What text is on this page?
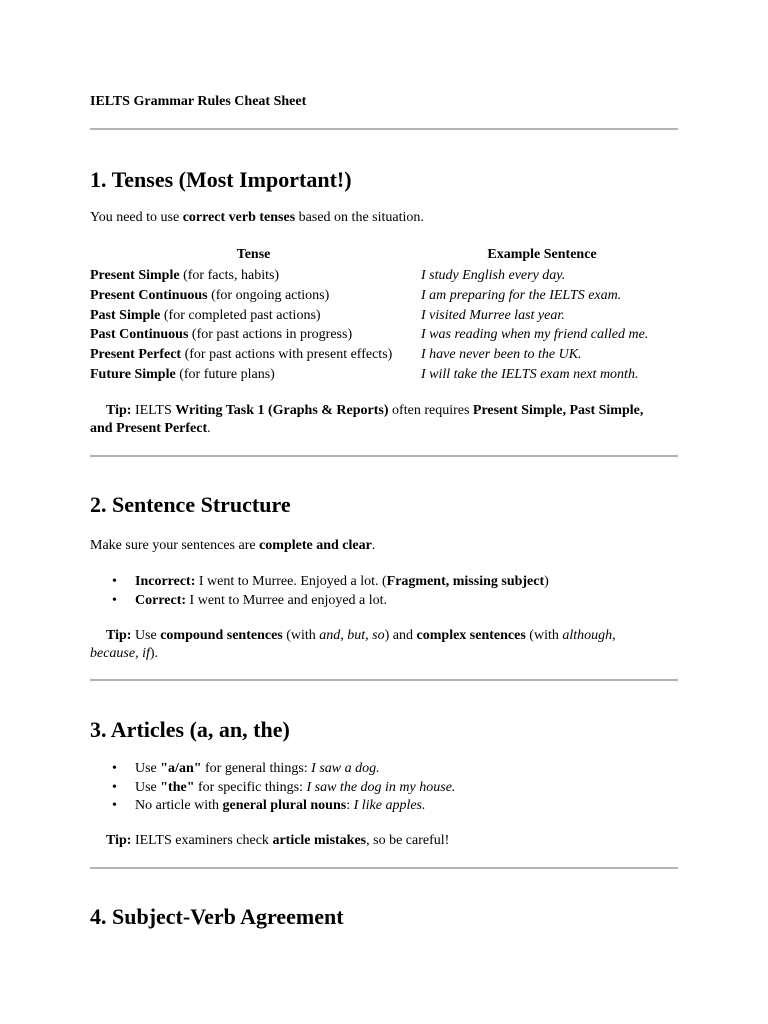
IELTS Grammar Rules Cheat Sheet
1. Tenses (Most Important!)

You need to use correct verb tenses based on the situation.

Tense	Example Sentence
Present Simple (for facts, habits)	I study English every day.
Present Continuous (for ongoing actions)	I am preparing for the IELTS exam.
Past Simple (for completed past actions)	I visited Murree last year.
Past Continuous (for past actions in progress)	I was reading when my friend called me.
Present Perfect (for past actions with present effects)	I have never been to the UK.
Future Simple (for future plans)	I will take the IELTS exam next month.

Tip: IELTS Writing Task 1 (Graphs & Reports) often requires Present Simple, Past Simple, and Present Perfect.

2. Sentence Structure

Make sure your sentences are complete and clear.

• Incorrect: I went to Murree. Enjoyed a lot. (Fragment, missing subject)
• Correct: I went to Murree and enjoyed a lot.

Tip: Use compound sentences (with and, but, so) and complex sentences (with although, because, if).

3. Articles (a, an, the)
• Use "a/an" for general things: I saw a dog.
• Use "the" for specific things: I saw the dog in my house.
• No article with general plural nouns: I like apples.

Tip: IELTS examiners check article mistakes, so be careful!

4. Subject-Verb Agreement
